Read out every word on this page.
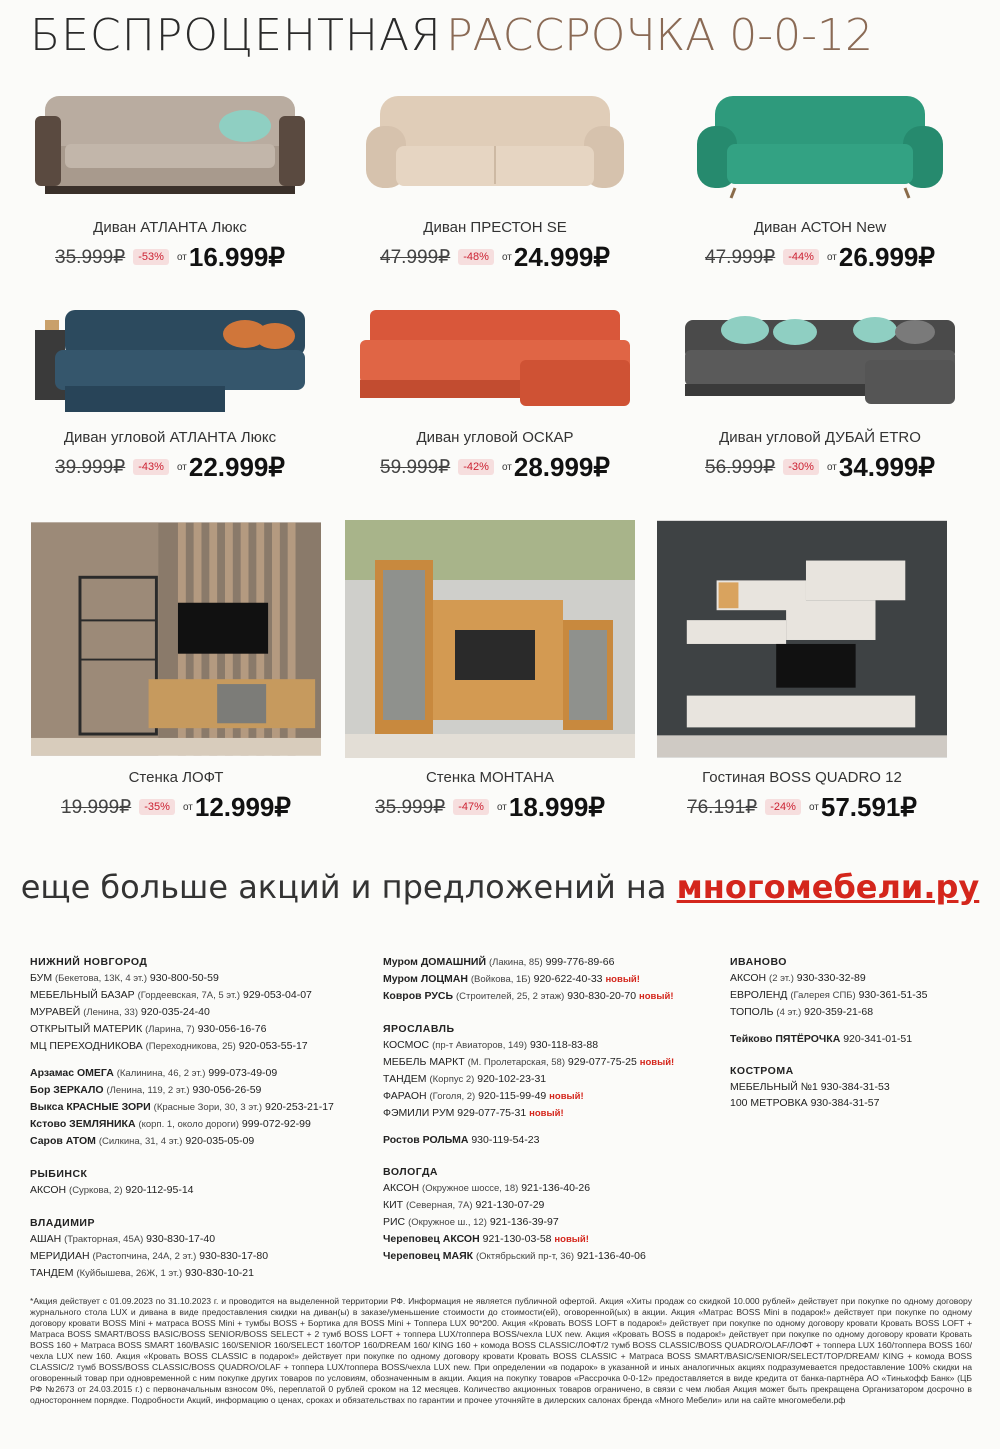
БЕСПРОЦЕНТНАЯ РАССРОЧКА 0-0-12
Диван АТЛАНТА Люкс
35.999₽	-53%	от 16.999₽
Диван ПРЕСТОН SE
47.999₽	-48%	от 24.999₽
Диван АСТОН New
47.999₽	-44%	от 26.999₽
Диван угловой АТЛАНТА Люкс
39.999₽	-43%	от 22.999₽
Диван угловой ОСКАР
59.999₽	-42%	от 28.999₽
Диван угловой ДУБАЙ ETRO
56.999₽	-30%	от 34.999₽
Стенка ЛОФТ
19.999₽	-35%	от 12.999₽
Стенка МОНТАНА
35.999₽	-47%	от 18.999₽
Гостиная BOSS QUADRO 12
76.191₽	-24%	от 57.591₽
еще больше акций и предложений на многомебели.ру
НИЖНИЙ НОВГОРОД
БУМ (Бекетова, 13К, 4 эт.) 930-800-50-59
МЕБЕЛЬНЫЙ БАЗАР (Гордеевская, 7А, 5 эт.) 929-053-04-07
МУРАВЕЙ (Ленина, 33) 920-035-24-40
ОТКРЫТЫЙ МАТЕРИК (Ларина, 7) 930-056-16-76
МЦ ПЕРЕХОДНИКОВА (Переходникова, 25) 920-053-55-17
Арзамас ОМЕГА (Калинина, 46, 2 эт.) 999-073-49-09
Бор ЗЕРКАЛО (Ленина, 119, 2 эт.) 930-056-26-59
Выкса КРАСНЫЕ ЗОРИ (Красные Зори, 30, 3 эт.) 920-253-21-17
Кстово ЗЕМЛЯНИКА (корп. 1, около дороги) 999-072-92-99
Саров АТОМ (Силкина, 31, 4 эт.) 920-035-05-09
РЫБИНСК
АКСОН (Суркова, 2) 920-112-95-14
ВЛАДИМИР
АШАН (Тракторная, 45А) 930-830-17-40
МЕРИДИАН (Растопчина, 24А, 2 эт.) 930-830-17-80
ТАНДЕМ (Куйбышева, 26Ж, 1 эт.) 930-830-10-21
Муром ДОМАШНИЙ (Лакина, 85) 999-776-89-66
Муром ЛОЦМАН (Войкова, 1Б) 920-622-40-33 новый!
Ковров РУСЬ (Строителей, 25, 2 этаж) 930-830-20-70 новый!
ЯРОСЛАВЛЬ
КОСМОС (пр-т Авиаторов, 149) 930-118-83-88
МЕБЕЛЬ МАРКТ (М. Пролетарская, 58) 929-077-75-25 новый!
ТАНДЕМ (Корпус 2) 920-102-23-31
ФАРАОН (Гоголя, 2) 920-115-99-49 новый!
ФЭМИЛИ РУМ 929-077-75-31 новый!
Ростов РОЛЬМА 930-119-54-23
ВОЛОГДА
АКСОН (Окружное шоссе, 18) 921-136-40-26
КИТ (Северная, 7А) 921-130-07-29
РИС (Окружное ш., 12) 921-136-39-97
Череповец АКСОН 921-130-03-58 новый!
Череповец МАЯК (Октябрьский пр-т, 36) 921-136-40-06
ИВАНОВО
АКСОН (2 эт.) 930-330-32-89
ЕВРОЛЕНД (Галерея СПБ) 930-361-51-35
ТОПОЛЬ (4 эт.) 920-359-21-68
Тейково ПЯТЁРОЧКА 920-341-01-51
КОСТРОМА
МЕБЕЛЬНЫЙ №1 930-384-31-53
100 МЕТРОВКА 930-384-31-57
*Акция действует с 01.09.2023 по 31.10.2023 г. и проводится на выделенной территории РФ. Информация не является публичной офертой. Акция «Хиты продаж со скидкой 10.000 рублей» действует при покупке по одному договору журнального стола LUX и дивана в виде предоставления скидки на диван(ы) в заказе/уменьшение стоимости до стоимости(ей), оговоренной(ых) в акции. Акция «Матрас BOSS Mini в подарок!» действует при покупке по одному договору кровати BOSS Mini + матраса BOSS Mini + тумбы BOSS + Бортика для BOSS Mini + Топпера LUX 90*200. Акция «Кровать BOSS LOFT в подарок!» действует при покупке по одному договору кровати Кровать BOSS LOFT + Матраса BOSS SMART/BOSS BASIC/BOSS SENIOR/BOSS SELECT + 2 тумб BOSS LOFT + топпера LUX/топпера BOSS/чехла LUX new. Акция «Кровать BOSS в подарок!» действует при покупке по одному договору кровати Кровать BOSS 160 + Матраса BOSS SMART 160/BASIC 160/SENIOR 160/SELECT 160/TOP 160/DREAM 160/ KING 160 + комода BOSS CLASSIC/ЛОФТ/2 тумб BOSS CLASSIC/BOSS QUADRO/OLAF/ЛОФТ + топпера LUX 160/топпера BOSS 160/чехла LUX new 160. Акция «Кровать BOSS CLASSIC в подарок!» действует при покупке по одному договору кровати Кровать BOSS CLASSIC + Матраса BOSS SMART/BASIC/SENIOR/SELECT/TOP/DREAM/ KING + комода BOSS CLASSIC/2 тумб BOSS/BOSS CLASSIC/BOSS QUADRO/OLAF + топпера LUX/топпера BOSS/чехла LUX new. При определении «в подарок» в указанной и иных аналогичных акциях подразумевается предоставление 100% скидки на оговоренный товар при одновременной с ним покупке других товаров по условиям, обозначенным в акции. Акция на покупку товаров «Рассрочка 0-0-12» предоставляется в виде кредита от банка-партнёра АО «Тинькофф Банк» (ЦБ РФ №2673 от 24.03.2015 г.) с первоначальным взносом 0%, переплатой 0 рублей сроком на 12 месяцев. Количество акционных товаров ограничено, в связи с чем любая Акция может быть прекращена Организатором досрочно в одностороннем порядке. Подробности Акций, информацию о ценах, сроках и обязательствах по гарантии и прочее уточняйте в дилерских салонах бренда «Много Мебели» или на сайте многомебели.рф
